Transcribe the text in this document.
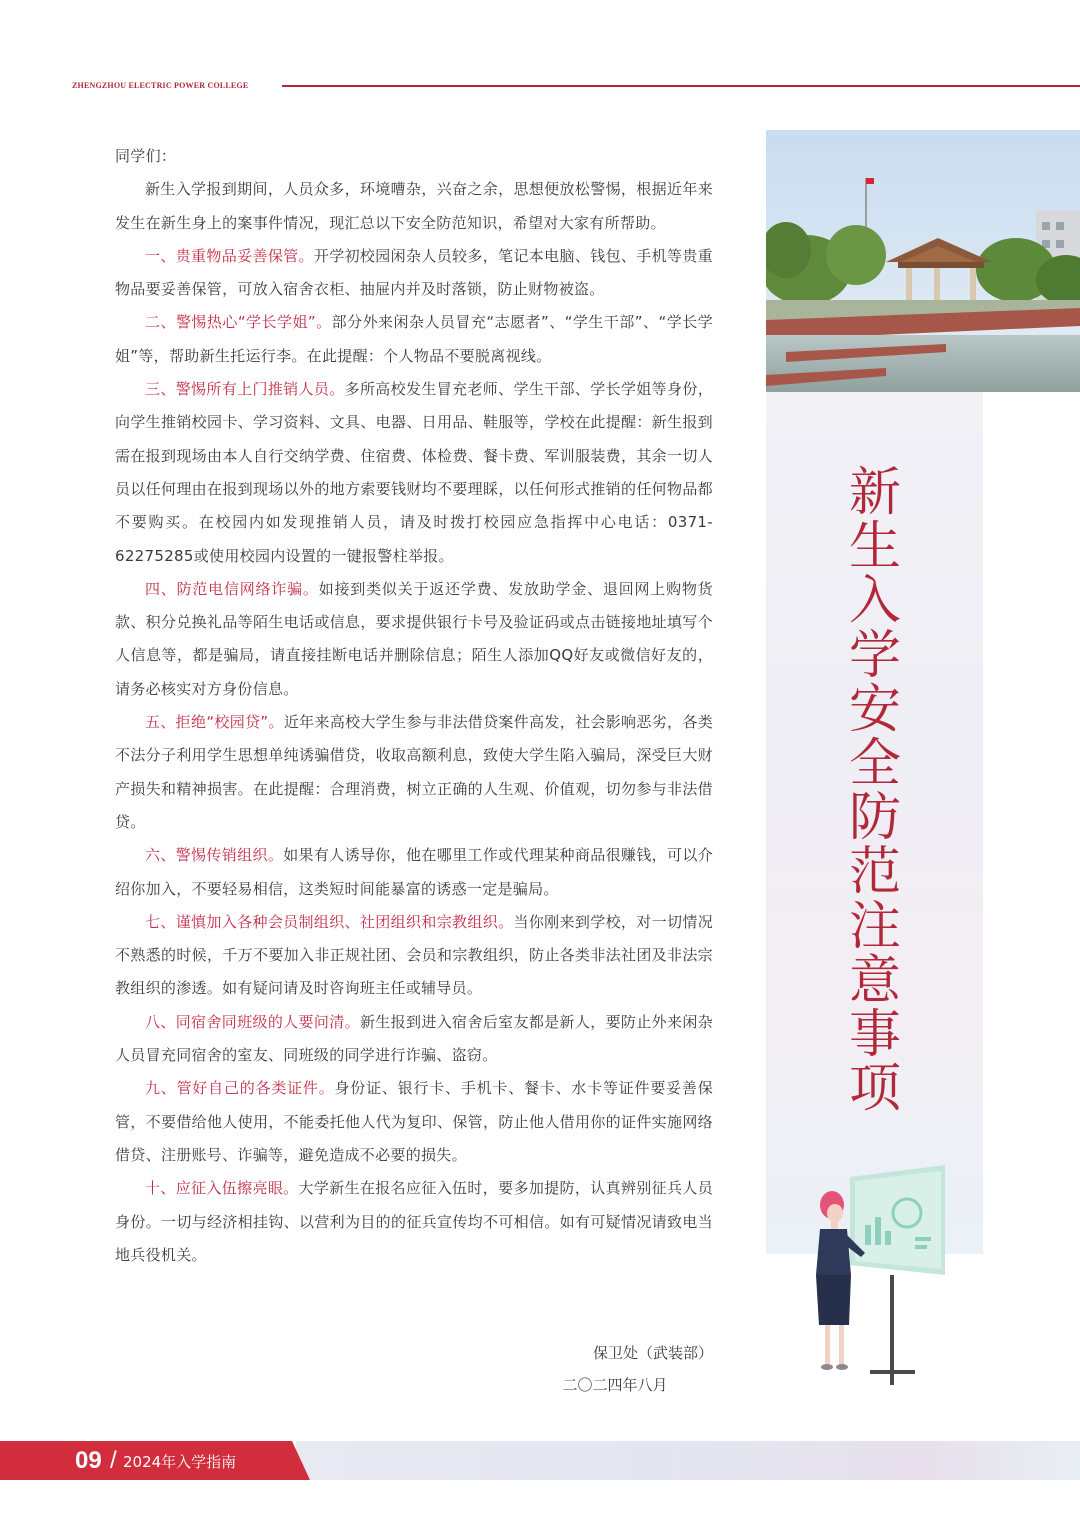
ZHENGZHOU ELECTRIC POWER COLLEGE

同学们：

新生入学报到期间，人员众多，环境嘈杂，兴奋之余，思想便放松警惕，根据近年来发生在新生身上的案事件情况，现汇总以下安全防范知识，希望对大家有所帮助。

一、贵重物品妥善保管。开学初校园闲杂人员较多，笔记本电脑、钱包、手机等贵重物品要妥善保管，可放入宿舍衣柜、抽屉内并及时落锁，防止财物被盗。

二、警惕热心“学长学姐”。部分外来闲杂人员冒充“志愿者”、“学生干部”、“学长学姐”等，帮助新生托运行李。在此提醒：个人物品不要脱离视线。

三、警惕所有上门推销人员。多所高校发生冒充老师、学生干部、学长学姐等身份，向学生推销校园卡、学习资料、文具、电器、日用品、鞋服等，学校在此提醒：新生报到需在报到现场由本人自行交纳学费、住宿费、体检费、餐卡费、军训服装费，其余一切人员以任何理由在报到现场以外的地方索要钱财均不要理睬，以任何形式推销的任何物品都不要购买。在校园内如发现推销人员，请及时拨打校园应急指挥中心电话：0371-62275285或使用校园内设置的一键报警柱举报。

四、防范电信网络诈骗。如接到类似关于返还学费、发放助学金、退回网上购物货款、积分兑换礼品等陌生电话或信息，要求提供银行卡号及验证码或点击链接地址填写个人信息等，都是骗局，请直接挂断电话并删除信息；陌生人添加QQ好友或微信好友的，请务必核实对方身份信息。

五、拒绝“校园贷”。近年来高校大学生参与非法借贷案件高发，社会影响恶劣，各类不法分子利用学生思想单纯诱骗借贷，收取高额利息，致使大学生陷入骗局，深受巨大财产损失和精神损害。在此提醒：合理消费，树立正确的人生观、价值观，切勿参与非法借贷。

六、警惕传销组织。如果有人诱导你，他在哪里工作或代理某种商品很赚钱，可以介绍你加入，不要轻易相信，这类短时间能暴富的诱惑一定是骗局。

七、谨慎加入各种会员制组织、社团组织和宗教组织。当你刚来到学校，对一切情况不熟悉的时候，千万不要加入非正规社团、会员和宗教组织，防止各类非法社团及非法宗教组织的渗透。如有疑问请及时咨询班主任或辅导员。

八、同宿舍同班级的人要问清。新生报到进入宿舍后室友都是新人，要防止外来闲杂人员冒充同宿舍的室友、同班级的同学进行诈骗、盗窃。

九、管好自己的各类证件。身份证、银行卡、手机卡、餐卡、水卡等证件要妥善保管，不要借给他人使用，不能委托他人代为复印、保管，防止他人借用你的证件实施网络借贷、注册账号、诈骗等，避免造成不必要的损失。

十、应征入伍擦亮眼。大学新生在报名应征入伍时，要多加提防，认真辨别征兵人员身份。一切与经济相挂钩、以营利为目的的征兵宣传均不可相信。如有可疑情况请致电当地兵役机关。

保卫处（武装部）
二〇二四年八月
新生入学安全防范注意事项
09 / 2024年入学指南
